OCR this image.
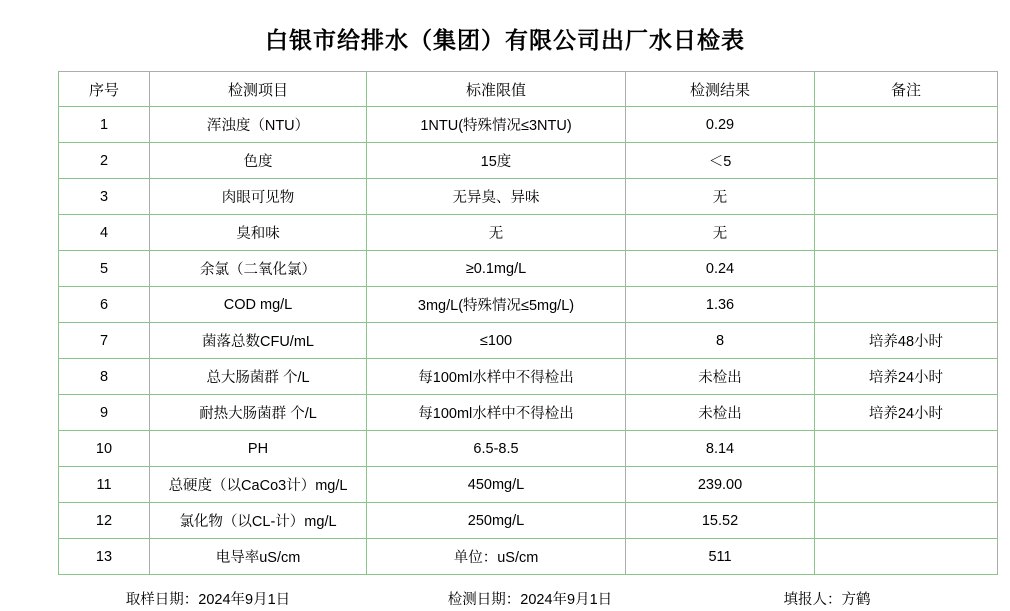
白银市给排水（集团）有限公司出厂水日检表
序号	检测项目	标准限值	检测结果	备注
1	浑浊度（NTU）	1NTU(特殊情况≤3NTU)	0.29	
2	色度	15度	＜5	
3	肉眼可见物	无异臭、异味	无	
4	臭和味	无	无	
5	余氯（二氧化氯）	≥0.1mg/L	0.24	
6	COD mg/L	3mg/L(特殊情况≤5mg/L)	1.36	
7	菌落总数CFU/mL	≤100	8	培养48小时
8	总大肠菌群 个/L	每100ml水样中不得检出	未检出	培养24小时
9	耐热大肠菌群 个/L	每100ml水样中不得检出	未检出	培养24小时
10	PH	6.5-8.5	8.14	
11	总硬度（以CaCo3计）mg/L	450mg/L	239.00	
12	氯化物（以CL-计）mg/L	250mg/L	15.52	
13	电导率uS/cm	单位：uS/cm	511	
取样日期：2024年9月1日	检测日期：2024年9月1日	填报人：方鹤
